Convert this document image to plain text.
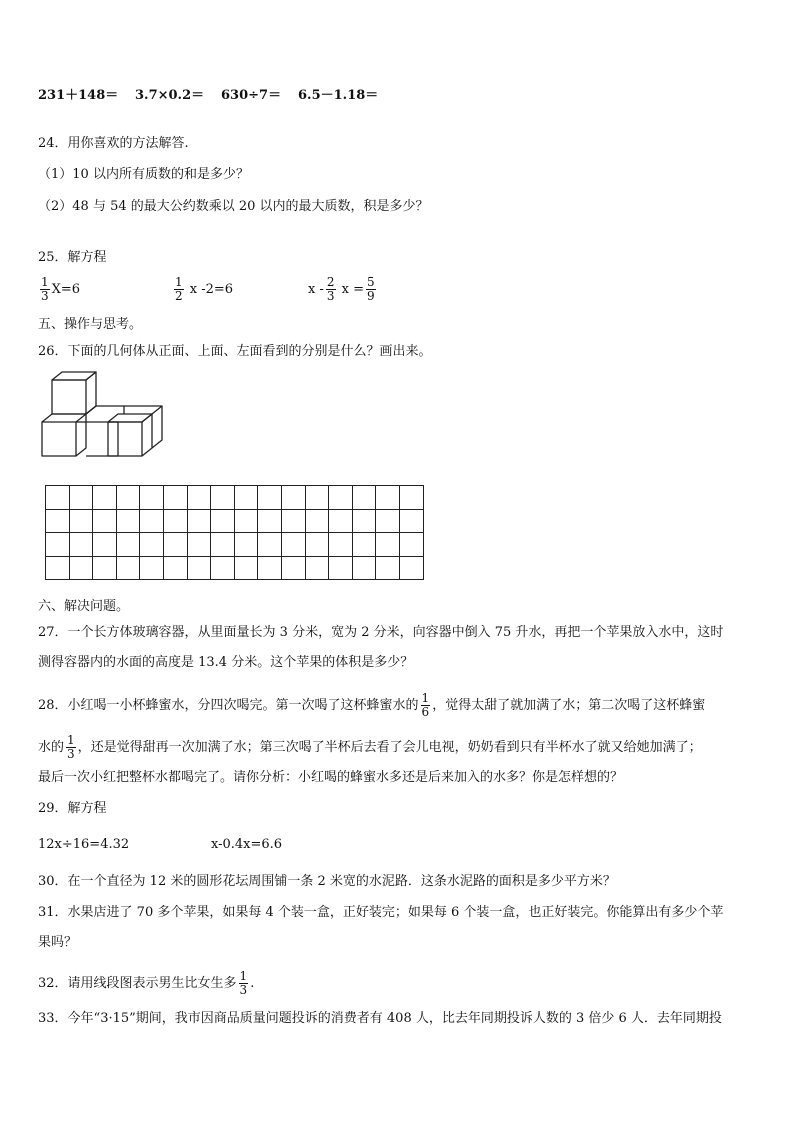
231＋148＝ 3.7×0.2＝ 630÷7＝ 6.5－1.18＝
24．用你喜欢的方法解答.
（1）10 以内所有质数的和是多少？
（2）48 与 54 的最大公约数乘以 20 以内的最大质数，积是多少？
25．解方程
$\frac{1}{3} X=6$	$\frac{1}{2}$ x -2=6	x - $\frac{2}{3}$ $x = \frac{5}{9}$
五、操作与思考。
26．下面的几何体从正面、上面、左面看到的分别是什么？画出来。

六、解决问题。
27．一个长方体玻璃容器，从里面量长为 3 分米，宽为 2 分米，向容器中倒入 75 升水，再把一个苹果放入水中，这时
测得容器内的水面的高度是 13.4 分米。这个苹果的体积是多少？
28．小红喝一小杯蜂蜜水，分四次喝完。第一次喝了这杯蜂蜜水的 $\frac{1}{6}$ ，觉得太甜了就加满了水；第二次喝了这杯蜂蜜
水的 $\frac{1}{3}$ ，还是觉得甜再一次加满了水；第三次喝了半杯后去看了会儿电视，奶奶看到只有半杯水了就又给她加满了；
最后一次小红把整杯水都喝完了。请你分析：小红喝的蜂蜜水多还是后来加入的水多？你是怎样想的？
29．解方程
12x÷16=4.32	x-0.4x=6.6
30．在一个直径为 12 米的圆形花坛周围铺一条 2 米宽的水泥路．这条水泥路的面积是多少平方米？
31．水果店进了 70 多个苹果，如果每 4 个装一盒，正好装完；如果每 6 个装一盒，也正好装完。你能算出有多少个苹
果吗？
32．请用线段图表示男生比女生多 $\frac{1}{3}$ .
33．今年“3·15”期间，我市因商品质量问题投诉的消费者有 408 人，比去年同期投诉人数的 3 倍少 6 人．去年同期投
